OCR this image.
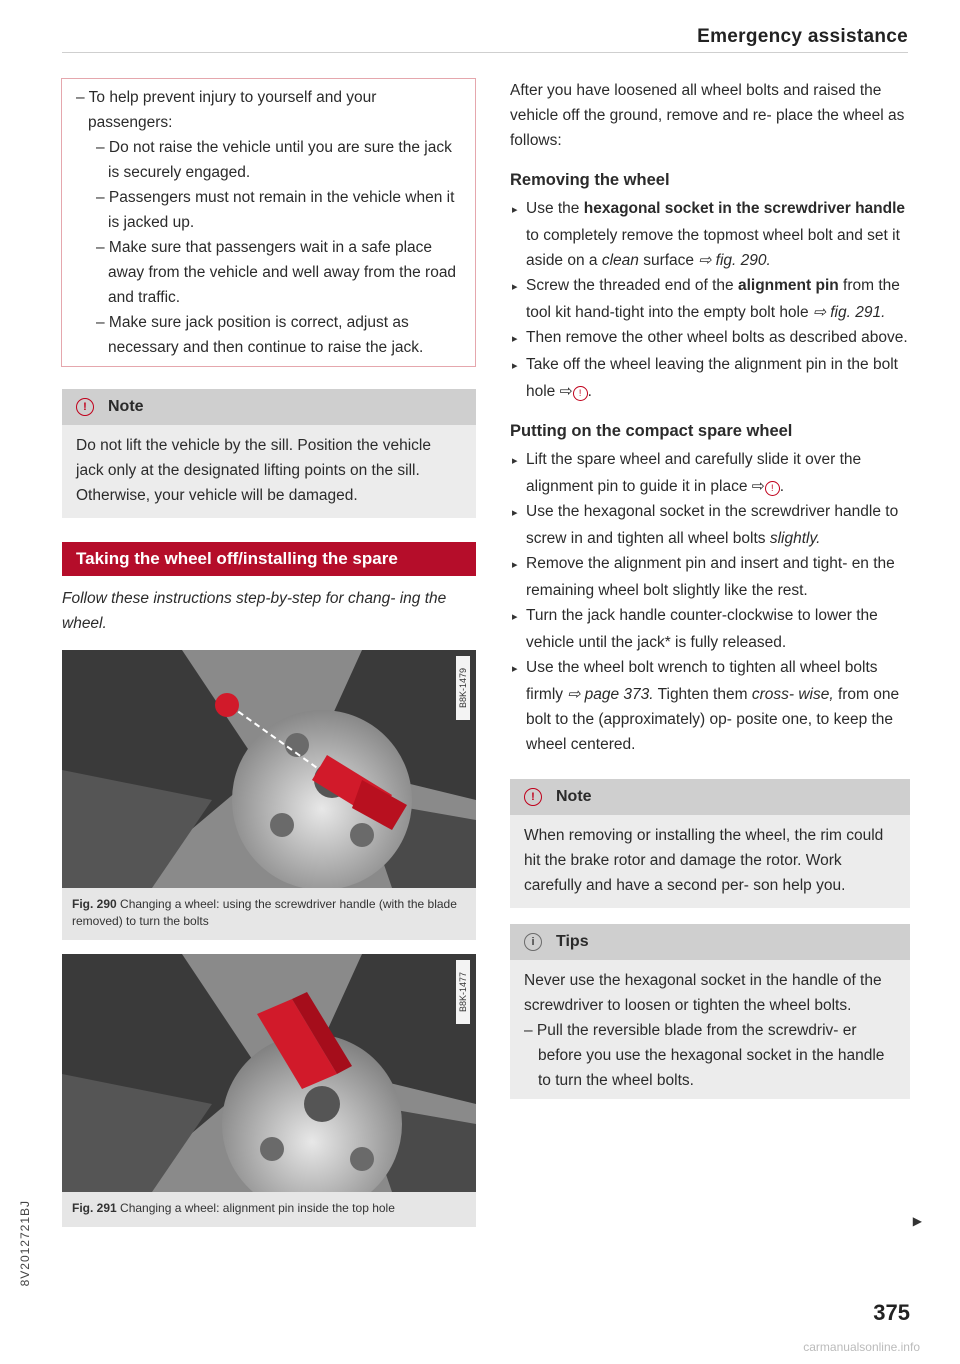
Emergency assistance

– To help prevent injury to yourself and your passengers:

– Do not raise the vehicle until you are sure the jack is securely engaged.

– Passengers must not remain in the vehicle when it is jacked up.

– Make sure that passengers wait in a safe place away from the vehicle and well away from the road and traffic.

– Make sure jack position is correct, adjust as necessary and then continue to raise the jack.

!	Note

Do not lift the vehicle by the sill. Position the vehicle jack only at the designated lifting points on the sill. Otherwise, your vehicle will be damaged.

Taking the wheel off/installing the spare

Follow these instructions step-by-step for chang- ing the wheel.

B8K-1479
Fig. 290 Changing a wheel: using the screwdriver handle (with the blade removed) to turn the bolts
B8K-1477
Fig. 291 Changing a wheel: alignment pin inside the top hole

After you have loosened all wheel bolts and raised the vehicle off the ground, remove and re- place the wheel as follows:

Removing the wheel

▸ Use the hexagonal socket in the screwdriver handle to completely remove the topmost wheel bolt and set it aside on a clean surface ⇨ fig. 290.

▸ Screw the threaded end of the alignment pin from the tool kit hand-tight into the empty bolt hole ⇨ fig. 291.

▸ Then remove the other wheel bolts as described above.

▸ Take off the wheel leaving the alignment pin in the bolt hole ⇨ ! .

Putting on the compact spare wheel

▸ Lift the spare wheel and carefully slide it over the alignment pin to guide it in place ⇨ ! .

▸ Use the hexagonal socket in the screwdriver handle to screw in and tighten all wheel bolts slightly.

▸ Remove the alignment pin and insert and tight- en the remaining wheel bolt slightly like the rest.

▸ Turn the jack handle counter-clockwise to lower the vehicle until the jack* is fully released.

▸ Use the wheel bolt wrench to tighten all wheel bolts firmly ⇨ page 373. Tighten them cross- wise, from one bolt to the (approximately) op- posite one, to keep the wheel centered.

!	Note

When removing or installing the wheel, the rim could hit the brake rotor and damage the rotor. Work carefully and have a second per- son help you.

i	Tips

Never use the hexagonal socket in the handle of the screwdriver to loosen or tighten the wheel bolts.

– Pull the reversible blade from the screwdriv- er before you use the hexagonal socket in the handle to turn the wheel bolts.

▶
375
8V2012721BJ
carmanualsonline.info
